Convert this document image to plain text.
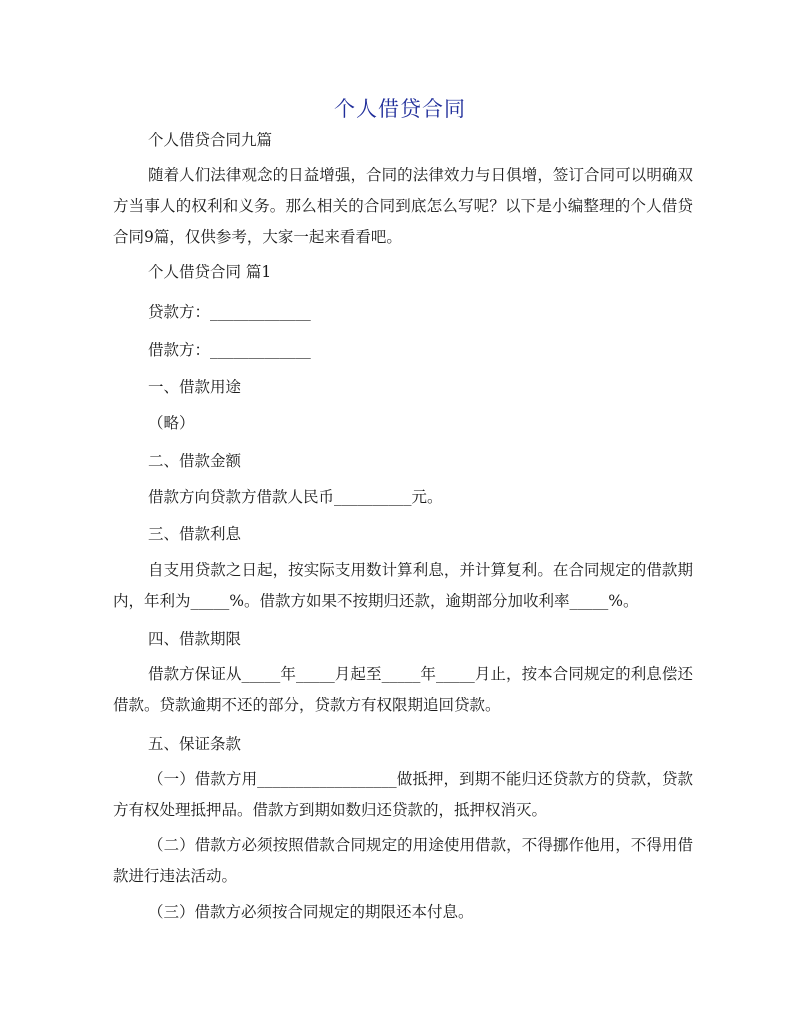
个人借贷合同
个人借贷合同九篇
随着人们法律观念的日益增强，合同的法律效力与日俱增，签订合同可以明确双方当事人的权利和义务。那么相关的合同到底怎么写呢？以下是小编整理的个人借贷合同9篇，仅供参考，大家一起来看看吧。
个人借贷合同 篇1
贷款方：_____________
借款方：_____________
一、借款用途
（略）
二、借款金额
借款方向贷款方借款人民币__________元。
三、借款利息
自支用贷款之日起，按实际支用数计算利息，并计算复利。在合同规定的借款期内，年利为_____%。借款方如果不按期归还款，逾期部分加收利率_____%。
四、借款期限
借款方保证从_____年_____月起至_____年_____月止，按本合同规定的利息偿还借款。贷款逾期不还的部分，贷款方有权限期追回贷款。
五、保证条款
（一）借款方用__________________做抵押，到期不能归还贷款方的贷款，贷款方有权处理抵押品。借款方到期如数归还贷款的，抵押权消灭。
（二）借款方必须按照借款合同规定的用途使用借款，不得挪作他用，不得用借款进行违法活动。
（三）借款方必须按合同规定的期限还本付息。
